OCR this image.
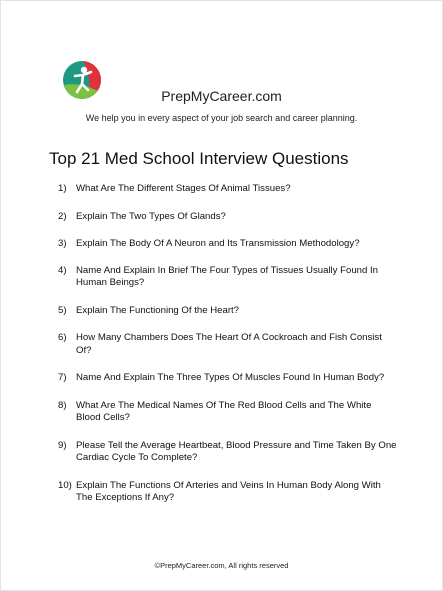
PrepMyCareer.com
We help you in every aspect of your job search and career planning.
Top 21 Med School Interview Questions
1) What Are The Different Stages Of Animal Tissues?
2) Explain The Two Types Of Glands?
3) Explain The Body Of A Neuron and Its Transmission Methodology?
4) Name And Explain In Brief The Four Types of Tissues Usually Found In Human Beings?
5) Explain The Functioning Of the Heart?
6) How Many Chambers Does The Heart Of A Cockroach and Fish Consist Of?
7) Name And Explain The Three Types Of Muscles Found In Human Body?
8) What Are The Medical Names Of The Red Blood Cells and The White Blood Cells?
9) Please Tell the Average Heartbeat, Blood Pressure and Time Taken By One Cardiac Cycle To Complete?
10) Explain The Functions Of Arteries and Veins In Human Body Along With The Exceptions If Any?
©PrepMyCareer.com, All rights reserved
